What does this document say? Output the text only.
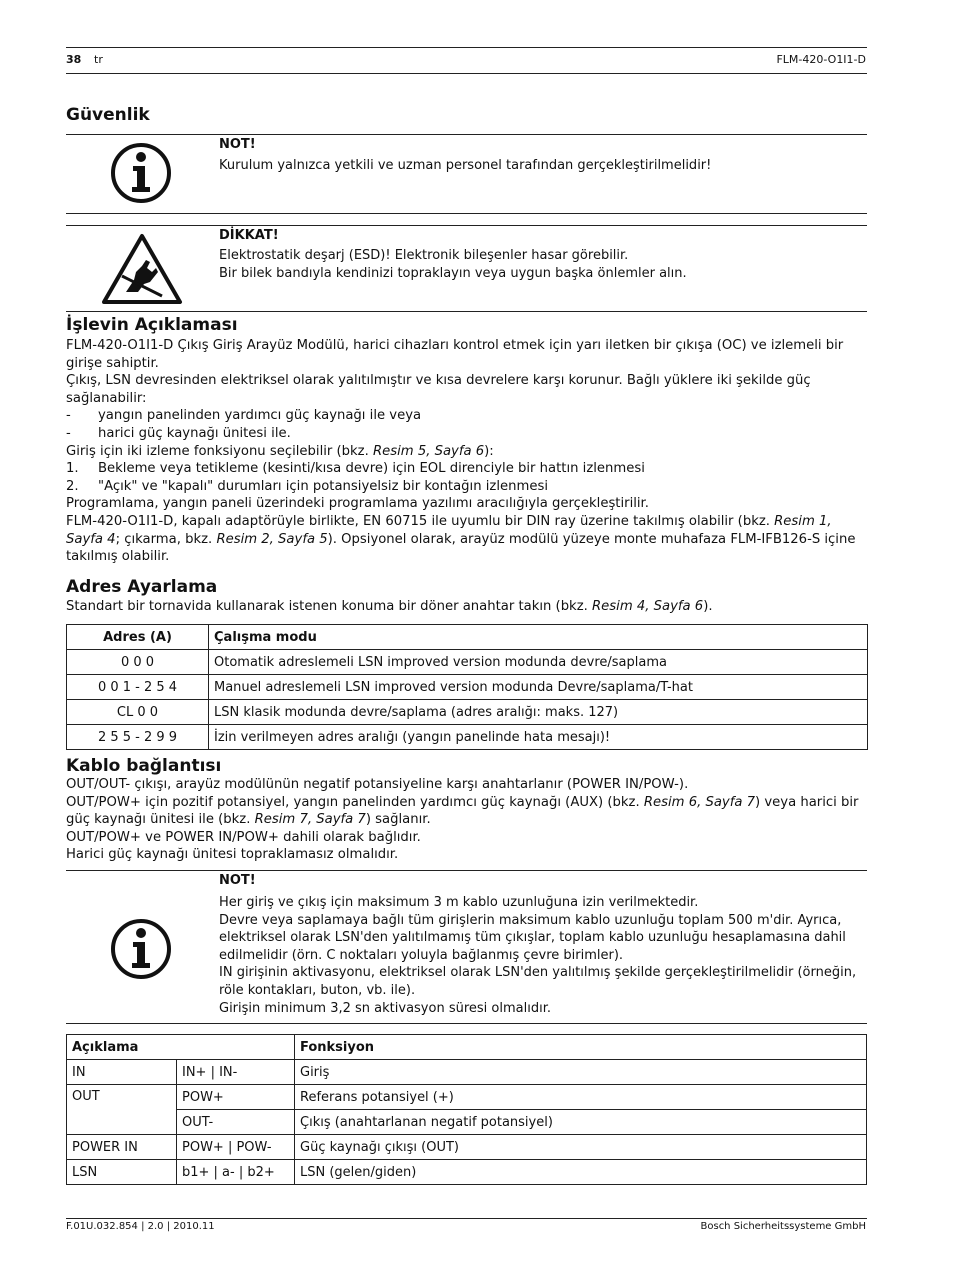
38 tr	FLM-420-O1I1-D
Güvenlik
NOT!
Kurulum yalnızca yetkili ve uzman personel tarafından gerçekleştirilmelidir!
DİKKAT!
Elektrostatik deşarj (ESD)! Elektronik bileşenler hasar görebilir.
Bir bilek bandıyla kendinizi topraklayın veya uygun başka önlemler alın.
İşlevin Açıklaması

FLM-420-O1I1-D Çıkış Giriş Arayüz Modülü, harici cihazları kontrol etmek için yarı iletken bir çıkışa (OC) ve izlemeli bir girişe sahiptir.

Çıkış, LSN devresinden elektriksel olarak yalıtılmıştır ve kısa devrelere karşı korunur. Bağlı yüklere iki şekilde güç sağlanabilir:

-	yangın panelinden yardımcı güç kaynağı ile veya
-	harici güç kaynağı ünitesi ile.

Giriş için iki izleme fonksiyonu seçilebilir (bkz. Resim 5, Sayfa 6):

1.	Bekleme veya tetikleme (kesinti/kısa devre) için EOL direnciyle bir hattın izlenmesi
2.	"Açık" ve "kapalı" durumları için potansiyelsiz bir kontağın izlenmesi

Programlama, yangın paneli üzerindeki programlama yazılımı aracılığıyla gerçekleştirilir.

FLM-420-O1I1-D, kapalı adaptörüyle birlikte, EN 60715 ile uyumlu bir DIN ray üzerine takılmış olabilir (bkz. Resim 1, Sayfa 4; çıkarma, bkz. Resim 2, Sayfa 5). Opsiyonel olarak, arayüz modülü yüzeye monte muhafaza FLM-IFB126-S içine takılmış olabilir.

Adres Ayarlama

Standart bir tornavida kullanarak istenen konuma bir döner anahtar takın (bkz. Resim 4, Sayfa 6).

Adres (A)	Çalışma modu
0 0 0	Otomatik adreslemeli LSN improved version modunda devre/saplama
0 0 1 - 2 5 4	Manuel adreslemeli LSN improved version modunda Devre/saplama/T-hat
CL 0 0	LSN klasik modunda devre/saplama (adres aralığı: maks. 127)
2 5 5 - 2 9 9	İzin verilmeyen adres aralığı (yangın panelinde hata mesajı)!
Kablo bağlantısı

OUT/OUT- çıkışı, arayüz modülünün negatif potansiyeline karşı anahtarlanır (POWER IN/POW-).

OUT/POW+ için pozitif potansiyel, yangın panelinden yardımcı güç kaynağı (AUX) (bkz. Resim 6, Sayfa 7) veya harici bir güç kaynağı ünitesi ile (bkz. Resim 7, Sayfa 7) sağlanır.

OUT/POW+ ve POWER IN/POW+ dahili olarak bağlıdır.

Harici güç kaynağı ünitesi topraklamasız olmalıdır.

NOT!
Her giriş ve çıkış için maksimum 3 m kablo uzunluğuna izin verilmektedir.
Devre veya saplamaya bağlı tüm girişlerin maksimum kablo uzunluğu toplam 500 m'dir. Ayrıca, elektriksel olarak LSN'den yalıtılmamış tüm çıkışlar, toplam kablo uzunluğu hesaplamasına dahil edilmelidir (örn. C noktaları yoluyla bağlanmış çevre birimler).
IN girişinin aktivasyonu, elektriksel olarak LSN'den yalıtılmış şekilde gerçekleştirilmelidir (örneğin, röle kontakları, buton, vb. ile).
Girişin minimum 3,2 sn aktivasyon süresi olmalıdır.
Açıklama		Fonksiyon
IN	IN+ | IN-	Giriş
OUT	POW+	Referans potansiyel (+)
	OUT-	Çıkış (anahtarlanan negatif potansiyel)
POWER IN	POW+ | POW-	Güç kaynağı çıkışı (OUT)
LSN	b1+ | a- | b2+	LSN (gelen/giden)
F.01U.032.854 | 2.0 | 2010.11	Bosch Sicherheitssysteme GmbH
